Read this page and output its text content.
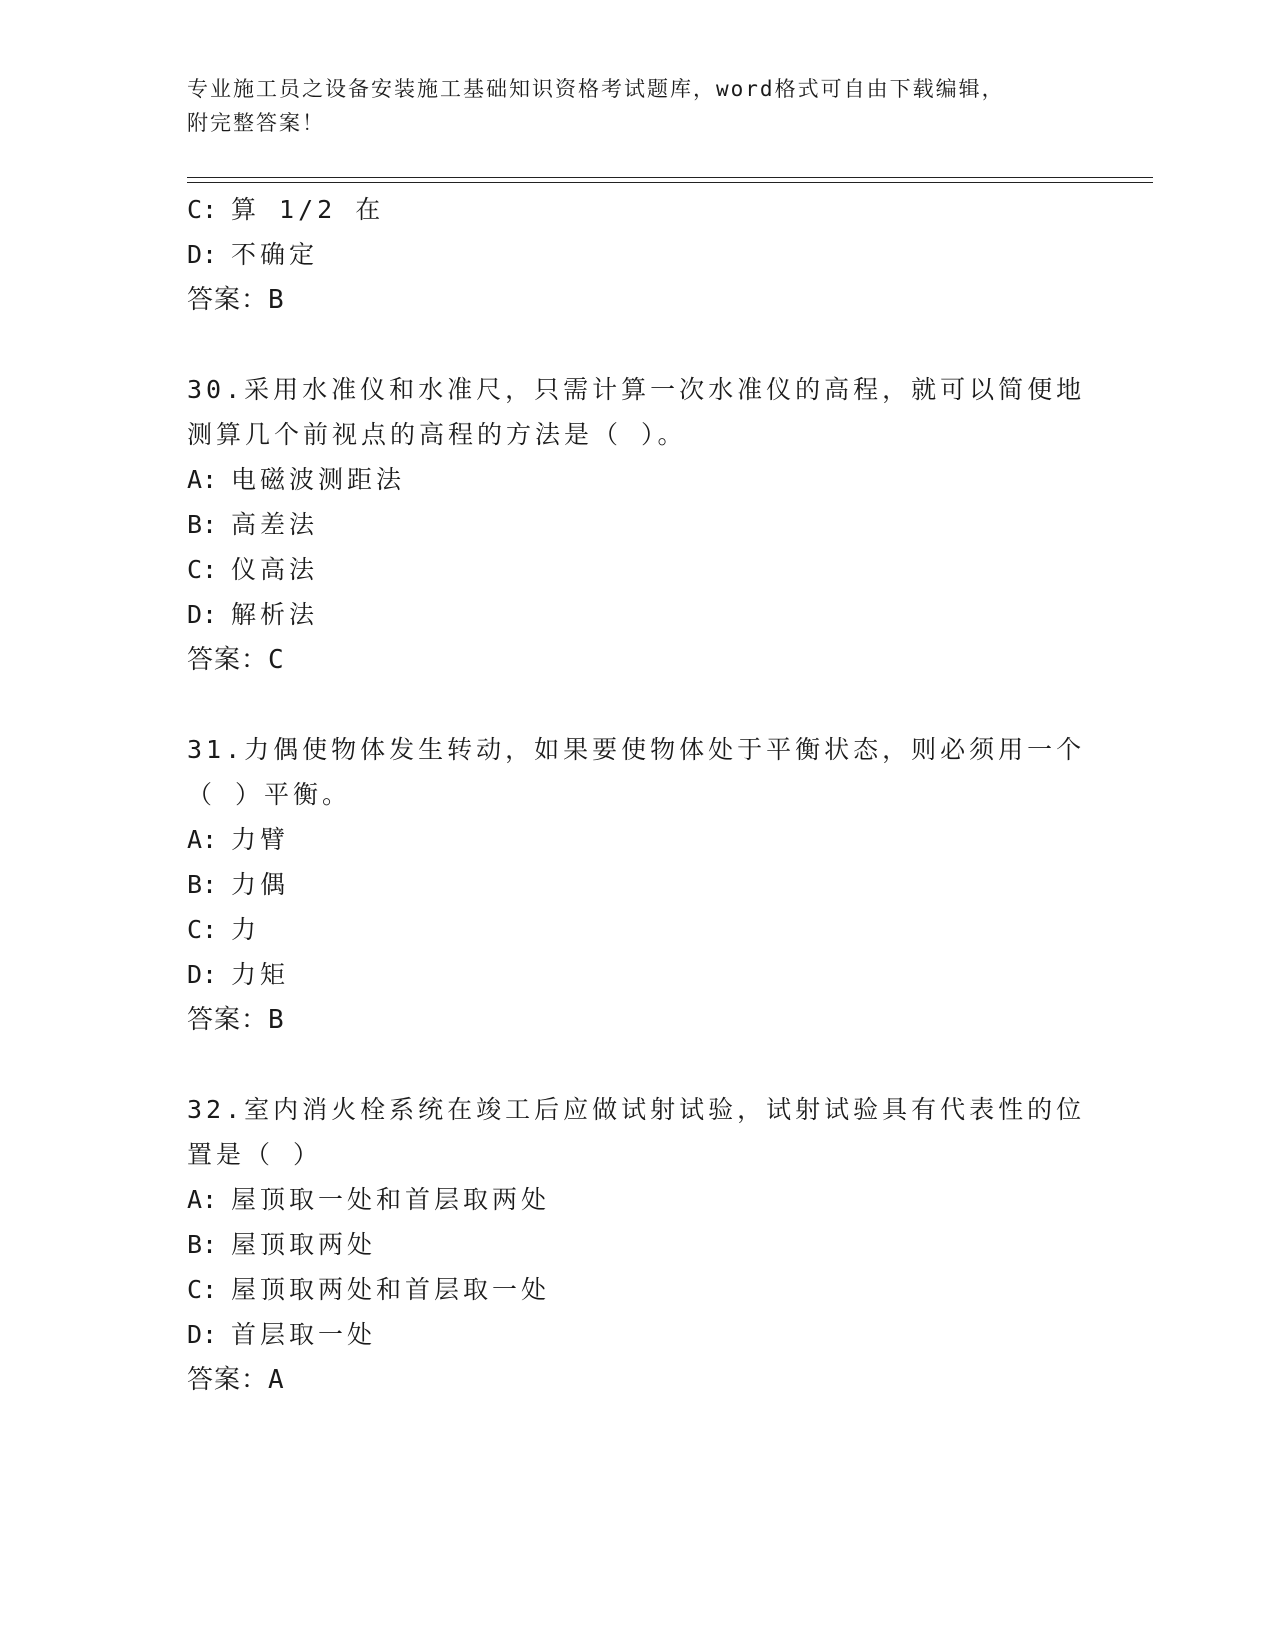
专业施工员之设备安装施工基础知识资格考试题库，word格式可自由下载编辑，
附完整答案！
C: 算 1/2 在
D: 不确定
答案：B
30.采用水准仪和水准尺，只需计算一次水准仪的高程，就可以简便地
测算几个前视点的高程的方法是（ ）。
A: 电磁波测距法
B: 高差法
C: 仪高法
D: 解析法
答案：C
31.力偶使物体发生转动，如果要使物体处于平衡状态，则必须用一个
（ ）平衡。
A: 力臂
B: 力偶
C: 力
D: 力矩
答案：B
32.室内消火栓系统在竣工后应做试射试验，试射试验具有代表性的位
置是（ ）
A: 屋顶取一处和首层取两处
B: 屋顶取两处
C: 屋顶取两处和首层取一处
D: 首层取一处
答案：A
